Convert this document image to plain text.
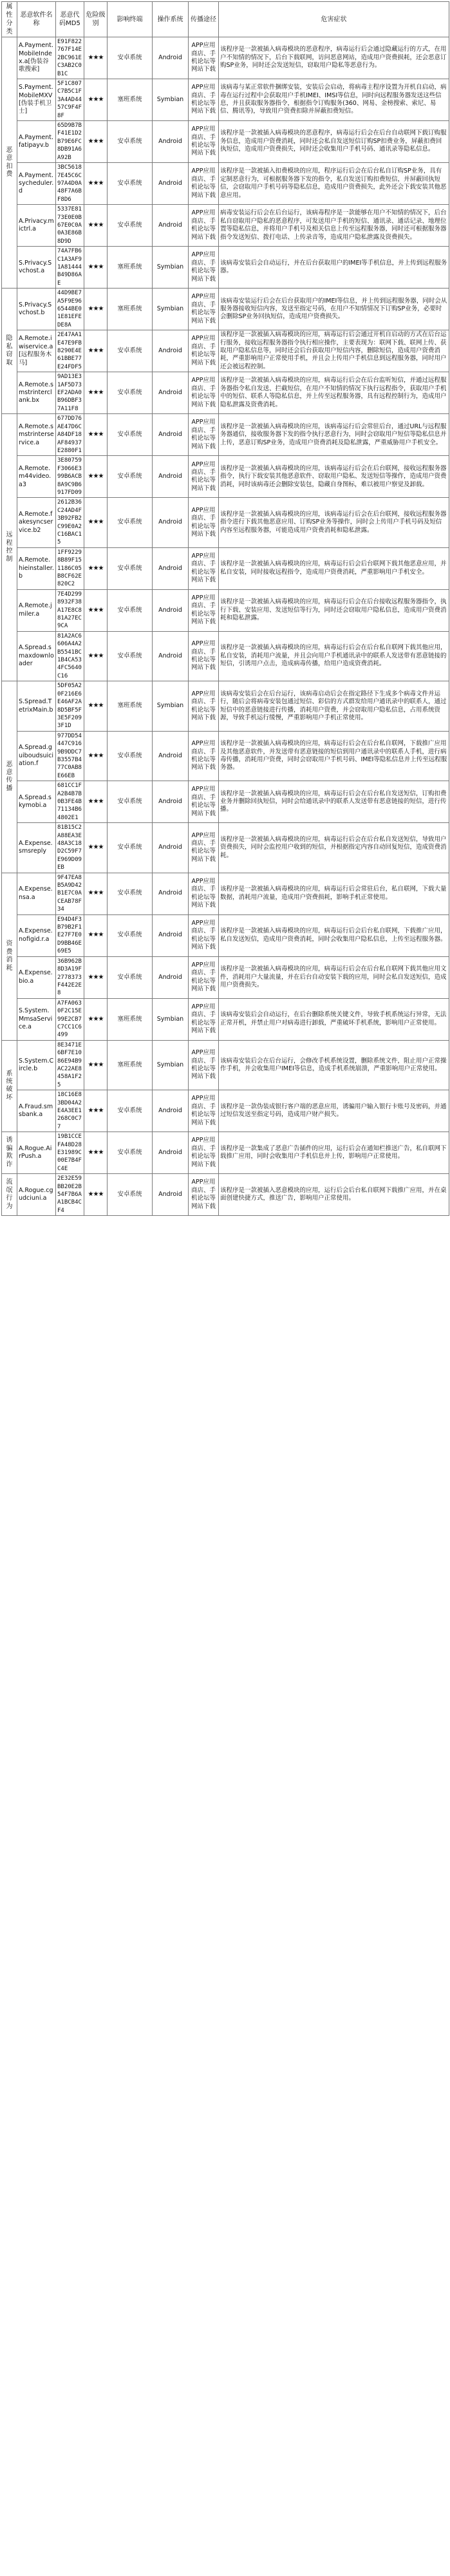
属性分类	恶意软件名称	恶意代码MD5	危险级别	影响终端	操作系统	传播途径	危害症状
恶意扣费	A.Payment.MobileIndex.a[伪装谷歌搜索]	E91F822767F14E2BC961EC3AB2C0B1C	★★★	安卓系统	Android	APP应用商店、手机论坛等网站下载	该程序是一款被插入病毒模块的恶意程序，病毒运行后会通过隐藏运行的方式，在用户不知情的情况下，后台下载联网，访问恶意网站，造成用户资费损耗，还会恶意订购SP业务，同时还会发送短信，窃取用户隐私等恶意行为。
	S.Payment.MobileMXV[伪装手机卫士]	5F1C807C7B5C1F3A4AD4457C9F4F8F	★★★	塞班系统	Symbian	APP应用商店、手机论坛等网站下载	该病毒与某正常软件捆绑安装，安装后会启动，将病毒主程序设置为开机自启动，病毒在运行过程中会获取用户手机IMEI、IMSI等信息，同时向远程服务器发送这些信息，并且获取服务器指令，根据指令订购服务(360、网易、金榜搜索、索尼、易信、腾讯等)，导致用户资费扣除并屏蔽扣费短信。
	A.Payment.fatipayv.b	65D9B7BF41E1D2B79E6FC8DB91A6A92B	★★★	安卓系统	Android	APP应用商店、手机论坛等网站下载	该程序是一款被插入病毒模块的恶意程序，病毒运行后会在后台自动联网下载订购服务信息，造成用户资费消耗，同时还会私自发送短信订购SP扣费业务，屏蔽扣费回执短信，造成用户资费损失，同时还会收集用户手机号码、通讯录等隐私信息。
	A.Payment.sycheduler.d	3BC56187E45C6C97A4D0A48F7A6BF8D6	★★★	安卓系统	Android	APP应用商店、手机论坛等网站下载	该程序是一款被插入扣费模块的应用，程序运行后会在后台私自订购SP业务，具有定制恶意行为，可根据服务器下发的指令，私自发送订购扣费短信，并屏蔽回执短信，会窃取用户手机号码等隐私信息，造成用户资费损失，此外还会下载安装其他恶意应用。
	A.Privacy.mictrl.a	5337E8173E0E0B67E0C0A0A3E86B8D9D	★★★	安卓系统	Android	APP应用商店、手机论坛等网站下载	病毒安装运行后会在后台运行，该病毒程序是一款能够在用户不知情的情况下，后台私自窃取用户隐私的恶意程序，可发送用户手机的短信、通讯录、通话记录、地理位置等隐私信息，并将用户手机号及相关信息上传至远程服务器，同时还可根据服务器指令发送短信、拨打电话、上传录音等，造成用户隐私泄露及资费损失。
	S.Privacy.Svchost.a	74A7FB6C1A3AF91A81444B49D86AE	★★★	塞班系统	Symbian	APP应用商店、手机论坛等网站下载	该病毒安装后会自动运行，并在后台获取用户的IMEI等手机信息，并上传到远程服务器。
隐私窃取	S.Privacy.Svchost.b	44D9BE7A5F9E966544BE01E81EFEDE8A	★★★	塞班系统	Symbian	APP应用商店、手机论坛等网站下载	该病毒安装运行后会在后台获取用户的IMEI等信息，并上传到远程服务器，同时会从服务器接收短信内容，发送至指定号码，在用户不知情情况下订购SP业务，必要时会删除SP业务回执短信，造成用户资费损失。
	A.Remote.iwiservice.a[远程服务木马]	2E47AA1E47E9FB8290E4E61BBE77E24FDF5	★★★	安卓系统	Android	APP应用商店、手机论坛等网站下载	该程序是一款被插入病毒模块的应用，病毒运行后会通过开机自启动的方式在后台运行服务，接收远程服务器指令执行相应操作，主要表现为：联网下载、联网上传、获取用户隐私信息等，同时还会后台获取用户短信内容，删除短信，造成用户资费消耗，严重影响用户正常使用手机，并且会上传用户手机信息到远程服务器，同时用户还会被远程控制。
	A.Remote.smstrinterclank.bx	9AD13E31AF5D73EF2ADA0B96DBF37A11F8	★★★	安卓系统	Android	APP应用商店、手机论坛等网站下载	该程序是一款被插入病毒模块的应用，病毒运行后会在后台监听短信，并通过远程服务器指令私自发送、拦截短信，在用户不知情的情况下执行远程指令，获取用户手机中的短信、联系人等隐私信息，并上传至远程服务器，具有远程控制行为，造成用户隐私泄露及资费消耗。
远程控制	A.Remote.smstrinterservice.a	677DD76AE47D6CA84DF18AF84937E2880F1	★★★	安卓系统	Android	APP应用商店、手机论坛等网站下载	该程序是一款被插入病毒模块的应用，该病毒运行后会常驻后台，通过URL与远程服务器通信，接收服务器下发的指令执行恶意行为，同时会窃取用户短信等隐私信息并上传，恶意订购SP业务，造成用户资费消耗及隐私泄露，严重威胁用户手机安全。
	A.Remote.m44video.a3	3E80759F3066E399B6ACB8A9C9B6917FD09	★★★	安卓系统	Android	APP应用商店、手机论坛等网站下载	该程序是一款被插入病毒模块的应用，该病毒运行后会在后台联网，接收远程服务器指令，执行下载安装其他恶意软件、窃取用户隐私、发送短信等操作，造成用户资费消耗，同时该病毒还会删除安装包，隐藏自身图标，难以被用户察觉及卸载。
	A.Remote.fakesyncservice.b2	2612B36C24AD4F3B92FB2C99E0A2C16BAC15	★★★	安卓系统	Android	APP应用商店、手机论坛等网站下载	该程序是一款被插入病毒模块的应用，该病毒运行后会在后台联网，接收远程服务器指令进行下载其他恶意应用、订购SP业务等操作，同时会上传用户手机号码及短信内容至远程服务器，可能造成用户资费消耗和隐私泄露。
	A.Remote.hieinstaller.b	1FF92298B89F151186C05B8CF62E820C2	★★★	安卓系统	Android	APP应用商店、手机论坛等网站下载	该程序是一款被插入病毒模块的应用，病毒运行后会后台联网下载其他恶意应用，并私自安装，同时接收远程指令，造成用户资费消耗，严重影响用户手机安全。
	A.Remote.jmiler.a	7E4D2998932F38A17E8C881A27EC9CA	★★★	安卓系统	Android	APP应用商店、手机论坛等网站下载	该程序是一款被插入病毒模块的应用，病毒运行后会在后台接收远程服务器指令，执行下载、安装应用、发送短信等行为，同时还会窃取用户隐私信息，造成用户资费消耗和隐私泄露。
	A.Spread.smaxdownloader	81A2AC6606A4A2B5541BC1B4CA534FC5640C16	★★★	安卓系统	Android	APP应用商店、手机论坛等网站下载	该程序是一款被插入病毒模块的应用，病毒运行后会在后台私自联网下载其他应用，私自安装，消耗用户流量，并且会向用户手机通讯录中的联系人发送带有恶意链接的短信，引诱用户点击，造成病毒传播，给用户造成资费消耗。
恶意传播	S.Spread.TetrixMain.b	5DF05A20F216E6E46AF2A8D5BF5F3E5F2093F1D	★★★	塞班系统	Symbian	APP应用商店、手机论坛等网站下载	该病毒安装后会在后台运行，该病毒启动后会在指定路径下生成多个病毒文件并运行，随后会将病毒安装包通过短信、彩信的方式群发给用户通讯录中的联系人，通过短信中的恶意链接进行传播，消耗用户资费，并会窃取用户隐私信息，占用系统资源，导致手机运行缓慢，严重影响用户手机正常使用。
	A.Spread.guiboudsuiciation.f	977DD54447C9169B9DDC7B3557B477C0AB8E66EB	★★★	安卓系统	Android	APP应用商店、手机论坛等网站下载	该程序是一款被插入病毒模块的应用，病毒运行后会在后台私自联网，下载推广应用及其他恶意软件，并发送带有恶意链接的短信到用户通讯录中的联系人手机，进行病毒传播，消耗用户资费，同时会窃取用户手机号码、IMEI等隐私信息并上传至远程服务器。
	A.Spread.skymobi.a	681CC1FA2B4B7B0B3FE4B71134B64802E1	★★★	安卓系统	Android	APP应用商店、手机论坛等网站下载	该程序是一款被插入病毒模块的应用，病毒运行后会在后台私自发送短信，订购扣费业务并删除回执短信，同时会给通讯录中的联系人发送带有恶意链接的短信，进行传播。
	A.Expense.smsreply	81B15C2A88EA3E48A3C18D2C59F7E969D09EB	★★★	安卓系统	Android	APP应用商店、手机论坛等网站下载	该程序是一款被插入病毒模块的应用，病毒运行后会在后台私自发送短信，导致用户资费损失，同时会监控用户收到的短信，并根据指定内容自动回复短信，造成资费消耗。
资费消耗	A.Expense.nsa.a	9F47EA8B5A9D42B1E7C0ACEAB78F34	★★★	安卓系统	Android	APP应用商店、手机论坛等网站下载	该程序是一款被插入病毒模块的应用，病毒运行后会常驻后台，私自联网，下载大量数据，消耗用户流量，造成用户资费损耗，影响手机正常使用。
	A.Expense.nofigid.r.a	E94D4F3B79B2F1E27F7E0D9BB46E69E5	★★★	安卓系统	Android	APP应用商店、手机论坛等网站下载	该程序是一款被插入病毒模块的应用，病毒运行后会后台私自联网，下载推广应用，私自发送短信，造成用户资费消耗，同时会收集用户隐私信息，上传至远程服务器。
	A.Expense.bio.a	36B962B8D3A19F2778373F442E2E8	★★★	安卓系统	Android	APP应用商店、手机论坛等网站下载	该程序是一款被插入病毒模块的应用，病毒运行后会在后台私自联网下载其他应用文件，消耗用户大量流量，并在后台自动安装下载的应用，同时会私自发送短信，造成用户资费损失。
	S.System.MmsaService.a	A7FA0630F2C15E99E2CB7C7CC1C6499	★★★	塞班系统	Symbian	APP应用商店、手机论坛等网站下载	该病毒安装后会自动运行，在后台删除系统关键文件，导致手机系统运行异常，无法正常开机，并禁止用户对病毒进行卸载，严重破坏手机系统，影响用户正常使用。
系统破坏	S.System.Circle.b	8E3471E6BF7E1086E94B9AC22AE8458A1F25	★★★	塞班系统	Symbian	APP应用商店、手机论坛等网站下载	该病毒安装后会在后台运行，会修改手机系统设置，删除系统文件，阻止用户正常操作手机，并会收集用户IMEI等信息，造成手机系统崩溃，严重影响用户正常使用。
	A.Fraud.smsbank.a	18C16E83BD04A2E4A3EE1268C0C77	★★★	安卓系统	Android	APP应用商店、手机论坛等网站下载	该程序是一款伪装成银行客户端的恶意应用，诱骗用户输入银行卡账号及密码，并通过短信发送至指定号码，造成用户财产损失。
诱骗欺诈	A.Rogue.AirPush.a	19B1CCEFA48D28E31989C00E7B4FC4E	★★★	安卓系统	Android	APP应用商店、手机论坛等网站下载	该程序是一款集成了恶意广告插件的应用，运行后会在通知栏推送广告，私自联网下载推广应用，同时会收集用户手机信息并上传，影响用户正常使用。
流氓行为	A.Rogue.cgudciuni.a	2E32E59BB20E2B54F7B6AA1BCB4CF4	★★★	安卓系统	Android	APP应用商店、手机论坛等网站下载	该程序是一款被插入恶意模块的应用，运行后会后台私自联网下载推广应用，并在桌面创建快捷方式，推送广告，影响用户正常使用。
